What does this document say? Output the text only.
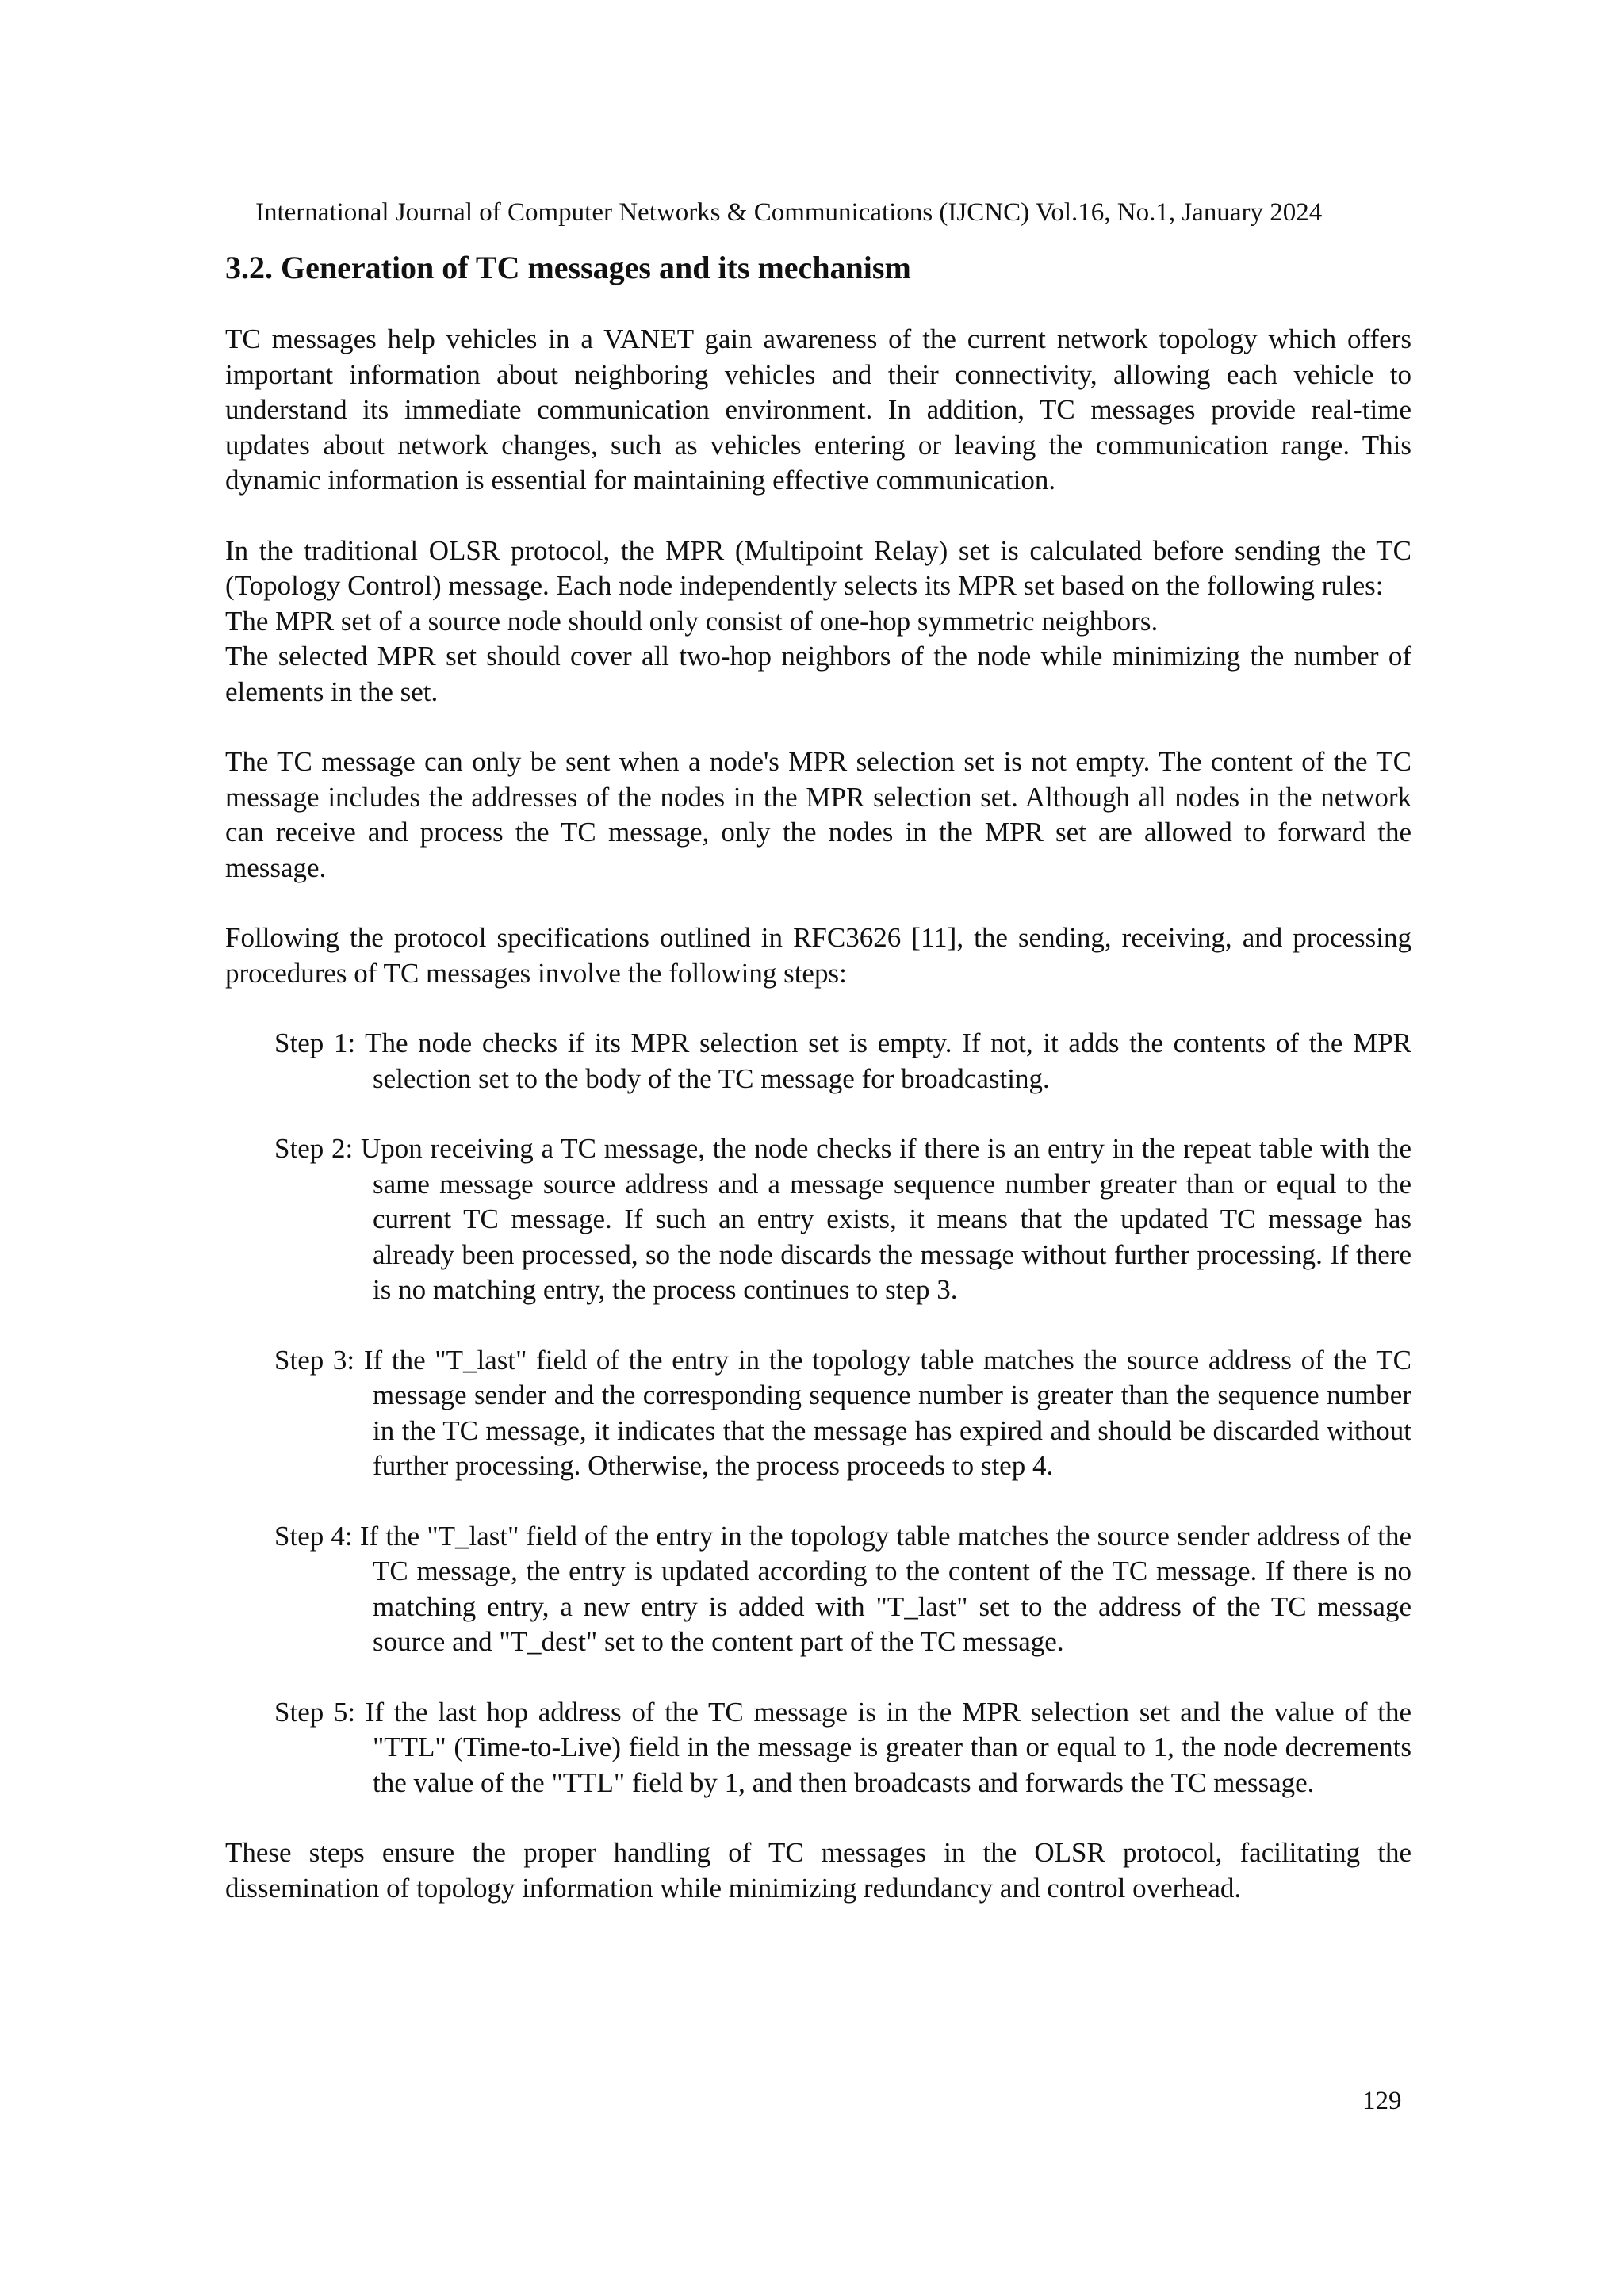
International Journal of Computer Networks & Communications (IJCNC) Vol.16, No.1, January 2024
3.2. Generation of TC messages and its mechanism

TC messages help vehicles in a VANET gain awareness of the current network topology which offers important information about neighboring vehicles and their connectivity, allowing each vehicle to understand its immediate communication environment. In addition, TC messages provide real-time updates about network changes, such as vehicles entering or leaving the communication range. This dynamic information is essential for maintaining effective communication.

In the traditional OLSR protocol, the MPR (Multipoint Relay) set is calculated before sending the TC (Topology Control) message. Each node independently selects its MPR set based on the following rules:

The MPR set of a source node should only consist of one-hop symmetric neighbors.

The selected MPR set should cover all two-hop neighbors of the node while minimizing the number of elements in the set.

The TC message can only be sent when a node's MPR selection set is not empty. The content of the TC message includes the addresses of the nodes in the MPR selection set. Although all nodes in the network can receive and process the TC message, only the nodes in the MPR set are allowed to forward the message.

Following the protocol specifications outlined in RFC3626 [11], the sending, receiving, and processing procedures of TC messages involve the following steps:

Step 1: The node checks if its MPR selection set is empty. If not, it adds the contents of the MPR selection set to the body of the TC message for broadcasting.

Step 2: Upon receiving a TC message, the node checks if there is an entry in the repeat table with the same message source address and a message sequence number greater than or equal to the current TC message. If such an entry exists, it means that the updated TC message has already been processed, so the node discards the message without further processing. If there is no matching entry, the process continues to step 3.

Step 3: If the "T_last" field of the entry in the topology table matches the source address of the TC message sender and the corresponding sequence number is greater than the sequence number in the TC message, it indicates that the message has expired and should be discarded without further processing. Otherwise, the process proceeds to step 4.

Step 4: If the "T_last" field of the entry in the topology table matches the source sender address of the TC message, the entry is updated according to the content of the TC message. If there is no matching entry, a new entry is added with "T_last" set to the address of the TC message source and "T_dest" set to the content part of the TC message.

Step 5: If the last hop address of the TC message is in the MPR selection set and the value of the "TTL" (Time-to-Live) field in the message is greater than or equal to 1, the node decrements the value of the "TTL" field by 1, and then broadcasts and forwards the TC message.

These steps ensure the proper handling of TC messages in the OLSR protocol, facilitating the dissemination of topology information while minimizing redundancy and control overhead.

129
